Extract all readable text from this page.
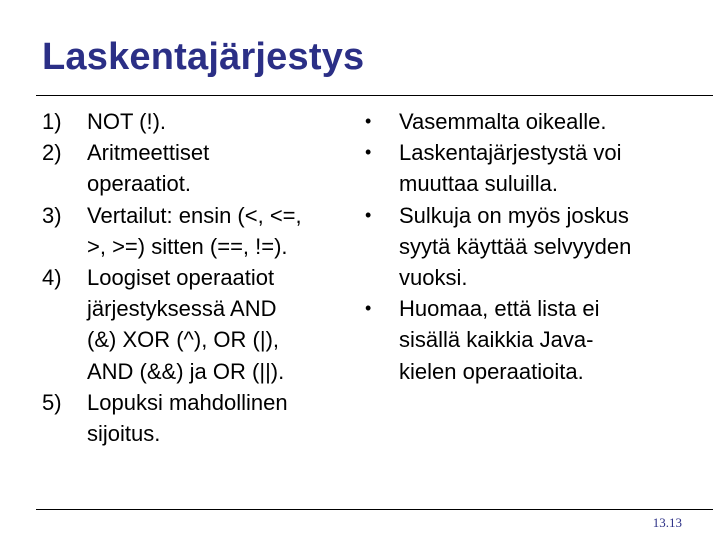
Laskentajärjestys
1)	NOT (!).
2)	Aritmeettiset
operaatiot.
3)	Vertailut: ensin (<, <=,
>, >=) sitten (==, !=).
4)	Loogiset operaatiot
järjestyksessä AND
(&) XOR (^), OR (|),
AND (&&) ja OR (||).
5)	Lopuksi mahdollinen
sijoitus.
•	Vasemmalta oikealle.
•	Laskentajärjestystä voi
muuttaa suluilla.
•	Sulkuja on myös joskus
syytä käyttää selvyyden
vuoksi.
•	Huomaa, että lista ei
sisällä kaikkia Java-
kielen operaatioita.
13.13
